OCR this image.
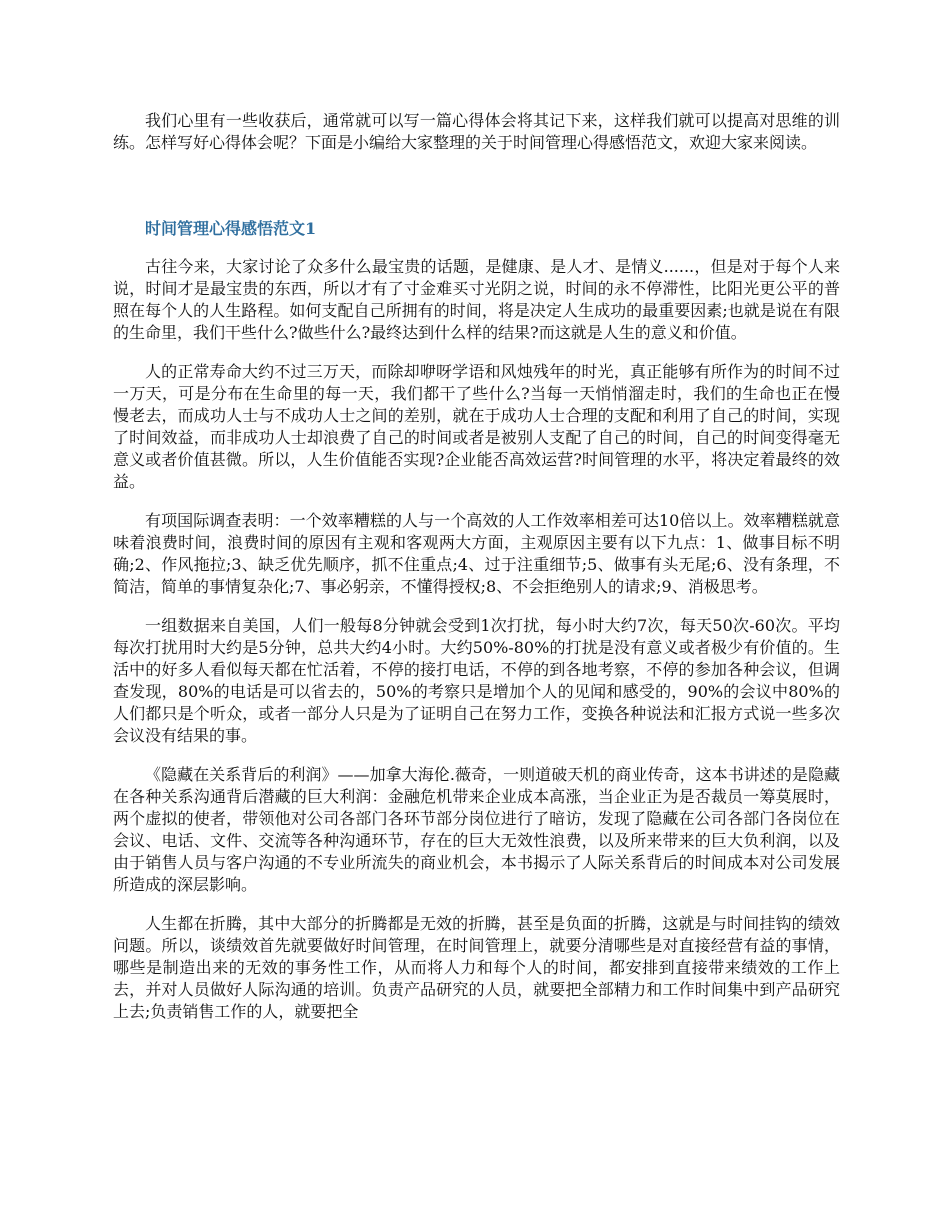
我们心里有一些收获后，通常就可以写一篇心得体会将其记下来，这样我们就可以提高对思维的训练。怎样写好心得体会呢？下面是小编给大家整理的关于时间管理心得感悟范文，欢迎大家来阅读。

时间管理心得感悟范文1

古往今来，大家讨论了众多什么最宝贵的话题，是健康、是人才、是情义......，但是对于每个人来说，时间才是最宝贵的东西，所以才有了寸金难买寸光阴之说，时间的永不停滞性，比阳光更公平的普照在每个人的人生路程。如何支配自己所拥有的时间，将是决定人生成功的最重要因素;也就是说在有限的生命里，我们干些什么?做些什么?最终达到什么样的结果?而这就是人生的意义和价值。

人的正常寿命大约不过三万天，而除却咿呀学语和风烛残年的时光，真正能够有所作为的时间不过一万天，可是分布在生命里的每一天，我们都干了些什么?当每一天悄悄溜走时，我们的生命也正在慢慢老去，而成功人士与不成功人士之间的差别，就在于成功人士合理的支配和利用了自己的时间，实现了时间效益，而非成功人士却浪费了自己的时间或者是被别人支配了自己的时间，自己的时间变得毫无意义或者价值甚微。所以，人生价值能否实现?企业能否高效运营?时间管理的水平，将决定着最终的效益。

有项国际调查表明：一个效率糟糕的人与一个高效的人工作效率相差可达10倍以上。效率糟糕就意味着浪费时间，浪费时间的原因有主观和客观两大方面，主观原因主要有以下九点：1、做事目标不明确;2、作风拖拉;3、缺乏优先顺序，抓不住重点;4、过于注重细节;5、做事有头无尾;6、没有条理，不简洁，简单的事情复杂化;7、事必躬亲，不懂得授权;8、不会拒绝别人的请求;9、消极思考。

一组数据来自美国，人们一般每8分钟就会受到1次打扰，每小时大约7次，每天50次-60次。平均每次打扰用时大约是5分钟，总共大约4小时。大约50%-80%的打扰是没有意义或者极少有价值的。生活中的好多人看似每天都在忙活着，不停的接打电话，不停的到各地考察，不停的参加各种会议，但调查发现，80%的电话是可以省去的，50%的考察只是增加个人的见闻和感受的，90%的会议中80%的人们都只是个听众，或者一部分人只是为了证明自己在努力工作，变换各种说法和汇报方式说一些多次会议没有结果的事。

《隐藏在关系背后的利润》——加拿大海伦.薇奇，一则道破天机的商业传奇，这本书讲述的是隐藏在各种关系沟通背后潜藏的巨大利润：金融危机带来企业成本高涨，当企业正为是否裁员一筹莫展时，两个虚拟的使者，带领他对公司各部门各环节部分岗位进行了暗访，发现了隐藏在公司各部门各岗位在会议、电话、文件、交流等各种沟通环节，存在的巨大无效性浪费，以及所来带来的巨大负利润，以及由于销售人员与客户沟通的不专业所流失的商业机会，本书揭示了人际关系背后的时间成本对公司发展所造成的深层影响。

人生都在折腾，其中大部分的折腾都是无效的折腾，甚至是负面的折腾，这就是与时间挂钩的绩效问题。所以，谈绩效首先就要做好时间管理，在时间管理上，就要分清哪些是对直接经营有益的事情，哪些是制造出来的无效的事务性工作，从而将人力和每个人的时间，都安排到直接带来绩效的工作上去，并对人员做好人际沟通的培训。负责产品研究的人员，就要把全部精力和工作时间集中到产品研究上去;负责销售工作的人，就要把全
